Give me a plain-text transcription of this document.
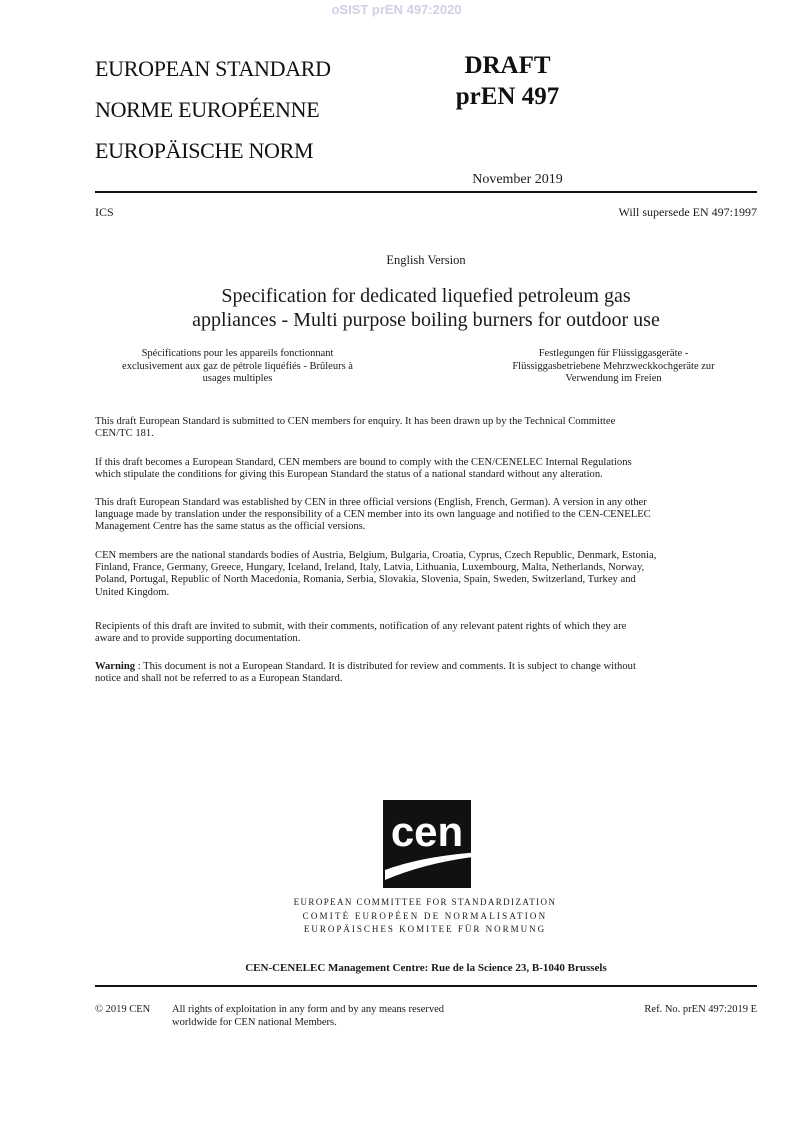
oSIST prEN 497:2020
EUROPEAN STANDARD
NORME EUROPÉENNE
EUROPÄISCHE NORM
DRAFT
prEN 497
November 2019
ICS	Will supersede EN 497:1997
English Version
Specification for dedicated liquefied petroleum gas
appliances - Multi purpose boiling burners for outdoor use
Spécifications pour les appareils fonctionnant
exclusivement aux gaz de pétrole liquéfiés - Brûleurs à
usages multiples
Festlegungen für Flüssiggasgeräte -
Flüssiggasbetriebene Mehrzweckkochgeräte zur
Verwendung im Freien
This draft European Standard is submitted to CEN members for enquiry. It has been drawn up by the Technical Committee
CEN/TC 181.
If this draft becomes a European Standard, CEN members are bound to comply with the CEN/CENELEC Internal Regulations
which stipulate the conditions for giving this European Standard the status of a national standard without any alteration.
This draft European Standard was established by CEN in three official versions (English, French, German). A version in any other
language made by translation under the responsibility of a CEN member into its own language and notified to the CEN-CENELEC
Management Centre has the same status as the official versions.
CEN members are the national standards bodies of Austria, Belgium, Bulgaria, Croatia, Cyprus, Czech Republic, Denmark, Estonia,
Finland, France, Germany, Greece, Hungary, Iceland, Ireland, Italy, Latvia, Lithuania, Luxembourg, Malta, Netherlands, Norway,
Poland, Portugal, Republic of North Macedonia, Romania, Serbia, Slovakia, Slovenia, Spain, Sweden, Switzerland, Turkey and
United Kingdom.
Recipients of this draft are invited to submit, with their comments, notification of any relevant patent rights of which they are
aware and to provide supporting documentation.
Warning : This document is not a European Standard. It is distributed for review and comments. It is subject to change without
notice and shall not be referred to as a European Standard.
cen
EUROPEAN COMMITTEE FOR STANDARDIZATION
COMITÉ EUROPÉEN DE NORMALISATION
EUROPÄISCHES KOMITEE FÜR NORMUNG
CEN-CENELEC Management Centre: Rue de la Science 23, B-1040 Brussels
© 2019 CEN All rights of exploitation in any form and by any means reserved
worldwide for CEN national Members.
Ref. No. prEN 497:2019 E
